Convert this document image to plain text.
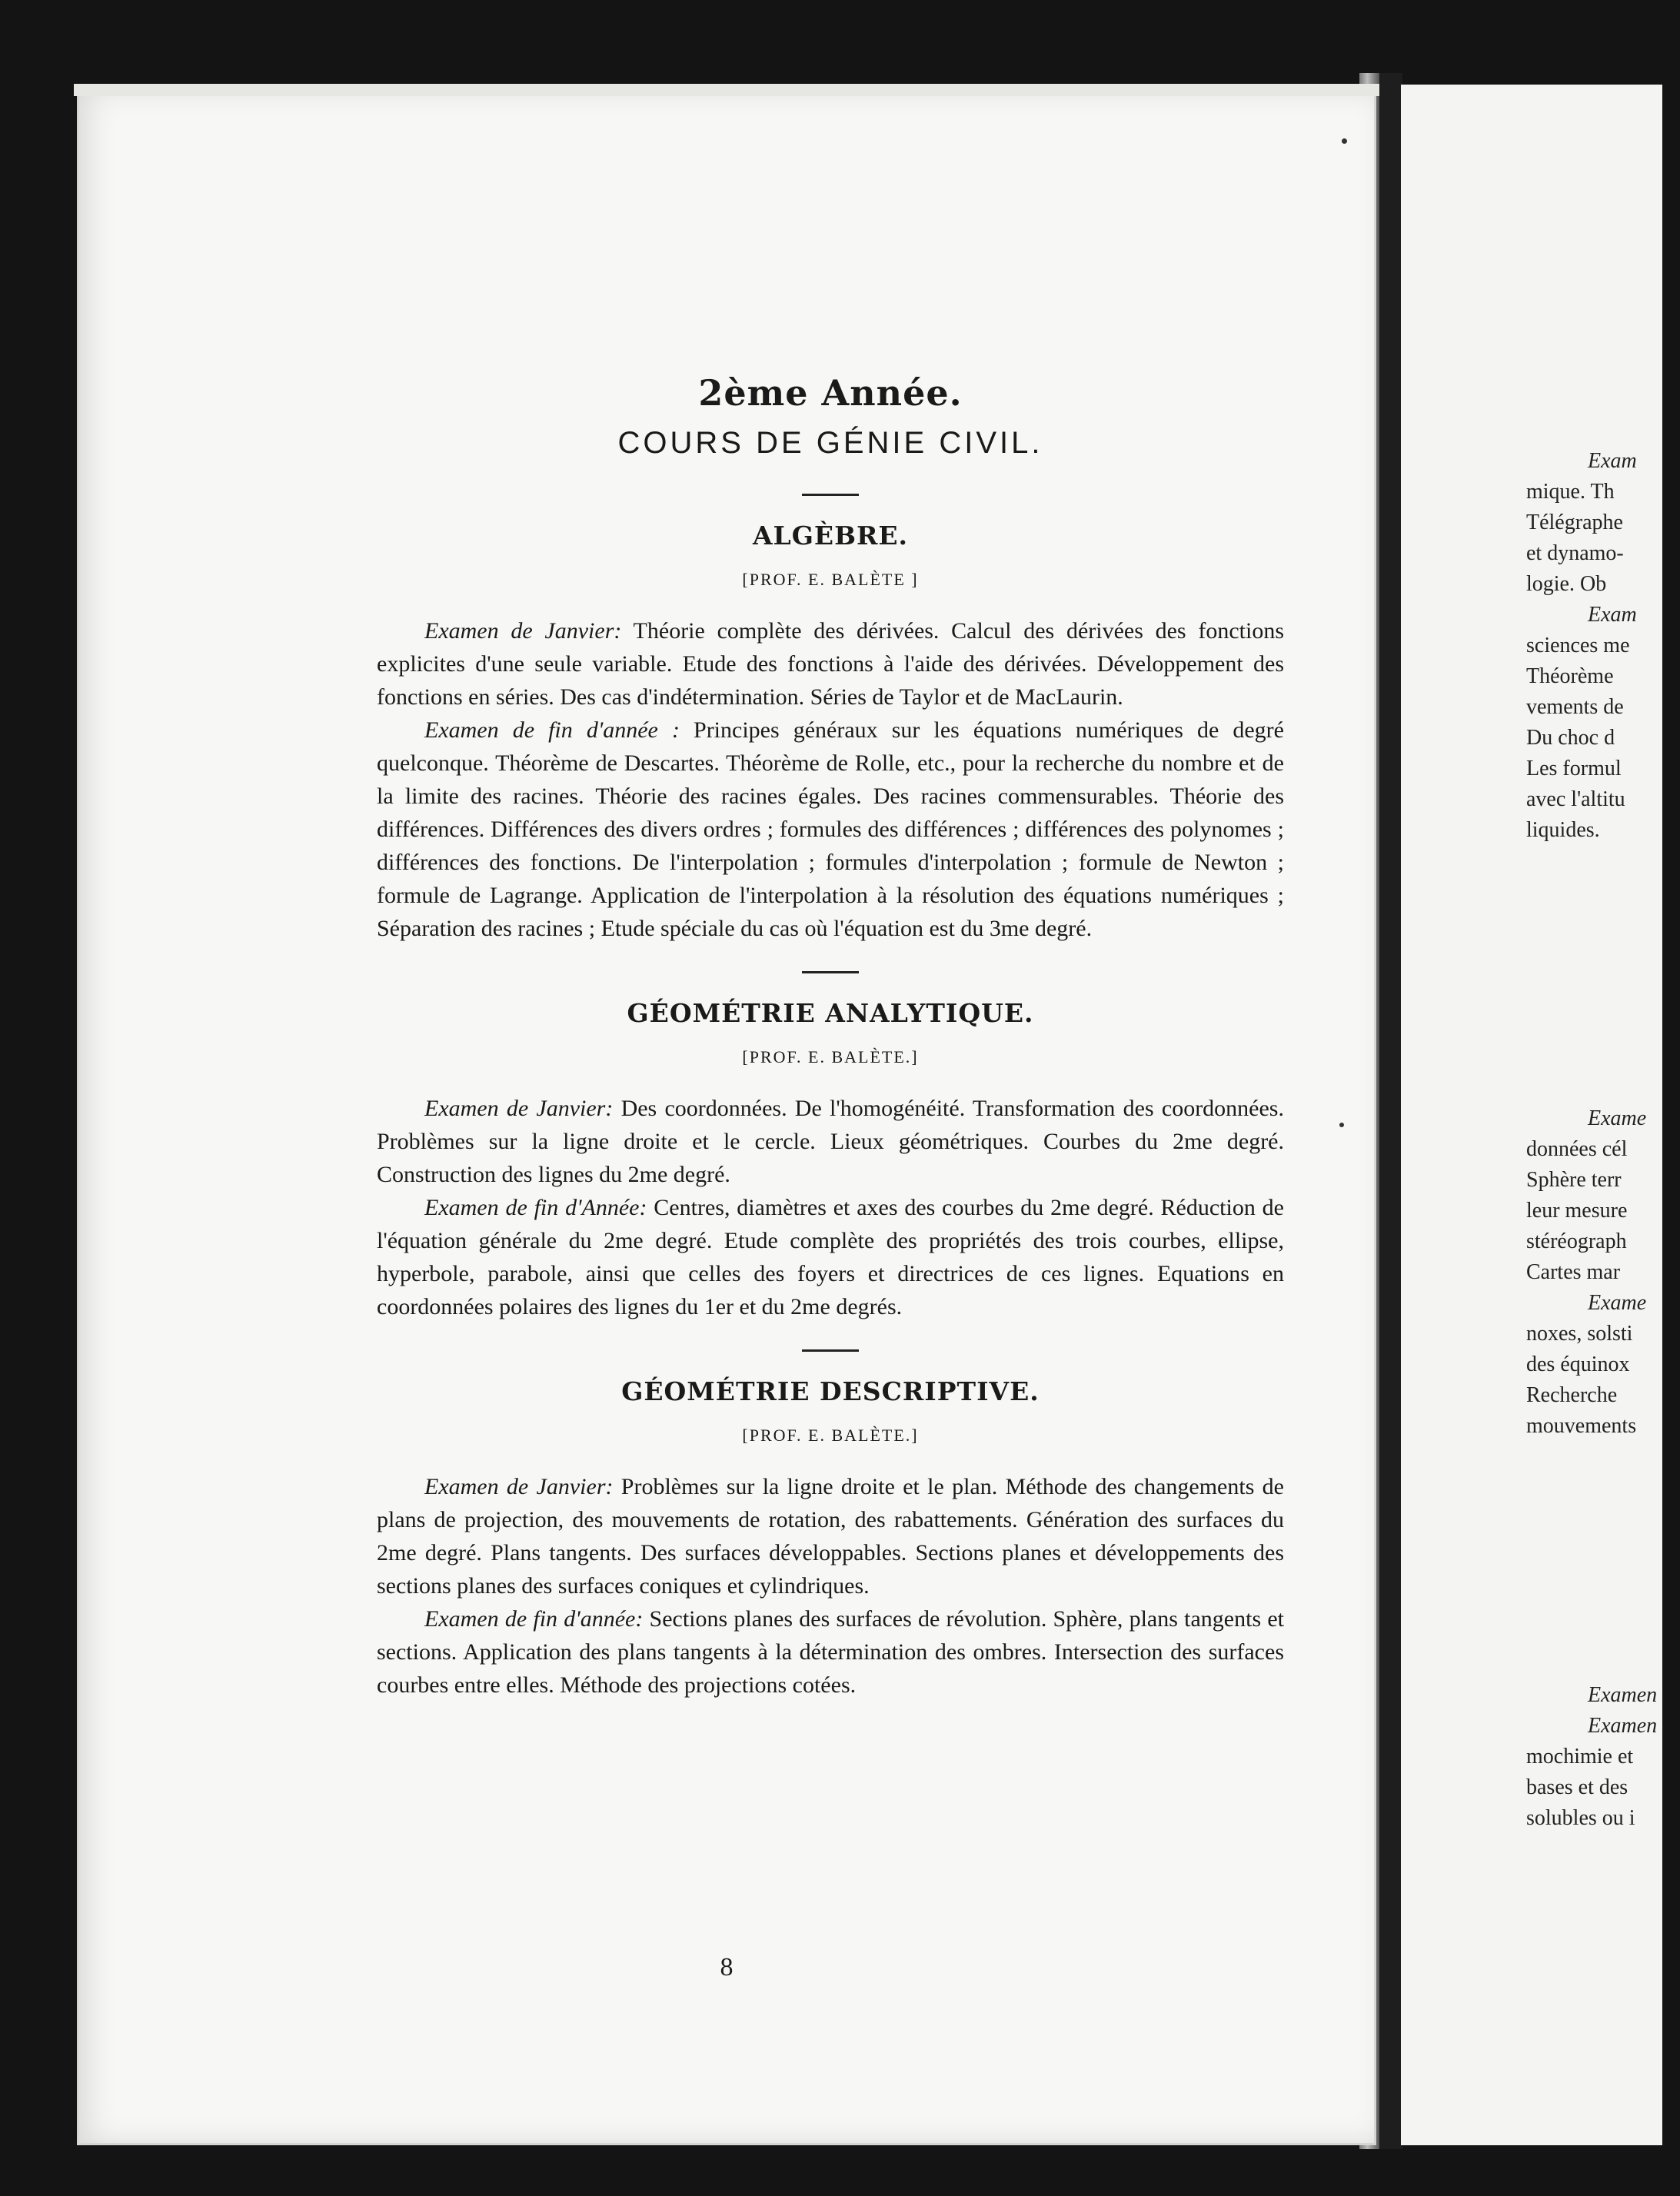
2ème Année.
COURS DE GÉNIE CIVIL.
ALGÈBRE.
[PROF. E. BALÈTE ]

Examen de Janvier: Théorie complète des dérivées. Calcul des dérivées des fonctions explicites d'une seule variable. Etude des fonctions à l'aide des dérivées. Développement des fonctions en séries. Des cas d'indétermination. Séries de Taylor et de MacLaurin.

Examen de fin d'année : Principes généraux sur les équations numériques de degré quelconque. Théorème de Descartes. Théorème de Rolle, etc., pour la recherche du nombre et de la limite des racines. Théorie des racines égales. Des racines commensurables. Théorie des différences. Différences des divers ordres ; formules des différences ; différences des polynomes ; différences des fonctions. De l'interpolation ; formules d'interpolation ; formule de Newton ; formule de Lagrange. Application de l'interpolation à la résolution des équations numériques ; Séparation des racines ; Etude spéciale du cas où l'équation est du 3me degré.

GÉOMÉTRIE ANALYTIQUE.
[PROF. E. BALÈTE.]

Examen de Janvier: Des coordonnées. De l'homogénéité. Transformation des coordonnées. Problèmes sur la ligne droite et le cercle. Lieux géométriques. Courbes du 2me degré. Construction des lignes du 2me degré.

Examen de fin d'Année: Centres, diamètres et axes des courbes du 2me degré. Réduction de l'équation générale du 2me degré. Etude complète des propriétés des trois courbes, ellipse, hyperbole, parabole, ainsi que celles des foyers et directrices de ces lignes. Equations en coordonnées polaires des lignes du 1er et du 2me degrés.

GÉOMÉTRIE DESCRIPTIVE.
[PROF. E. BALÈTE.]

Examen de Janvier: Problèmes sur la ligne droite et le plan. Méthode des changements de plans de projection, des mouvements de rotation, des rabattements. Génération des surfaces du 2me degré. Plans tangents. Des surfaces développables. Sections planes et développements des sections planes des surfaces coniques et cylindriques.

Examen de fin d'année: Sections planes des surfaces de révolution. Sphère, plans tangents et sections. Application des plans tangents à la détermination des ombres. Intersection des surfaces courbes entre elles. Méthode des projections cotées.

8
Exam
mique. Th
Télégraphe
et dynamo-
logie. Ob
Exam
sciences me
Théorème
vements de
Du choc d
Les formul
avec l'altitu
liquides.
Exame
données cél
Sphère terr
leur mesure
stéréograph
Cartes mar
Exame
noxes, solsti
des équinox
Recherche
mouvements
Examen
Examen
mochimie et
bases et des
solubles ou i
